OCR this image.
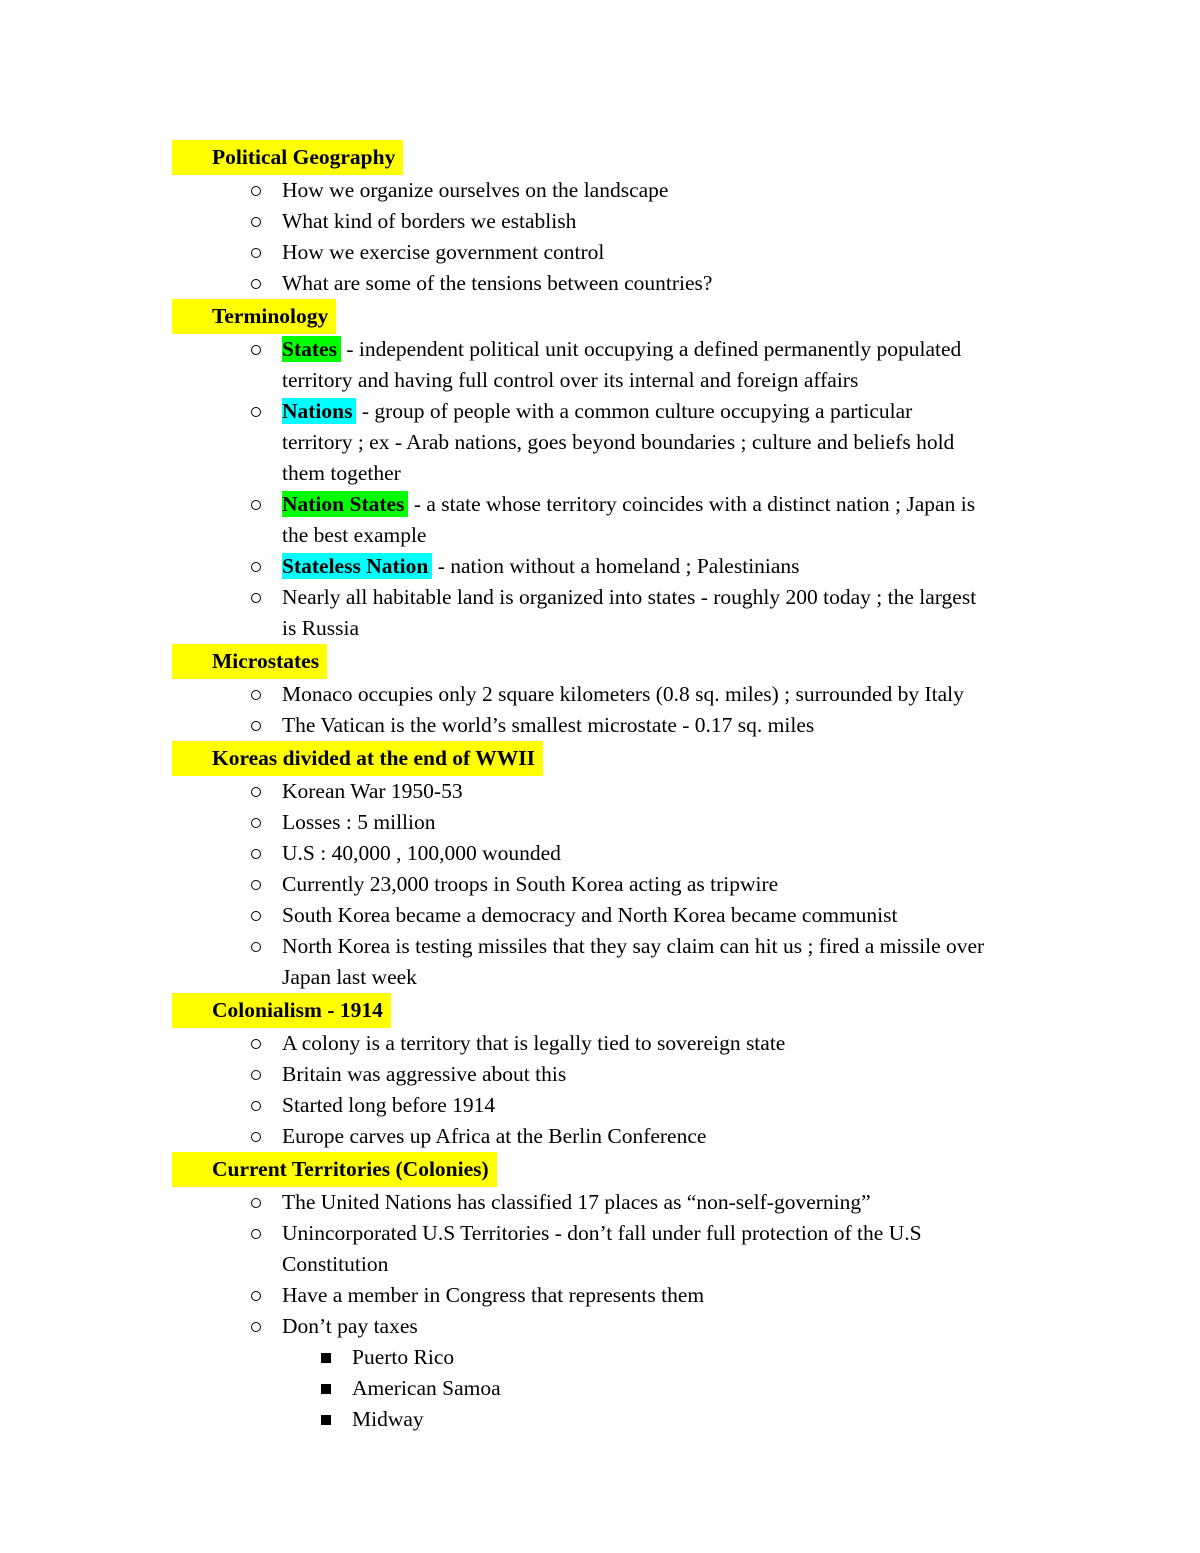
Political Geography
How we organize ourselves on the landscape
What kind of borders we establish
How we exercise government control
What are some of the tensions between countries?
Terminology
States - independent political unit occupying a defined permanently populated
territory and having full control over its internal and foreign affairs
Nations - group of people with a common culture occupying a particular
territory ; ex - Arab nations, goes beyond boundaries ; culture and beliefs hold
them together
Nation States - a state whose territory coincides with a distinct nation ; Japan is
the best example
Stateless Nation - nation without a homeland ; Palestinians
Nearly all habitable land is organized into states - roughly 200 today ; the largest
is Russia
Microstates
Monaco occupies only 2 square kilometers (0.8 sq. miles) ; surrounded by Italy
The Vatican is the world’s smallest microstate - 0.17 sq. miles
Koreas divided at the end of WWII
Korean War 1950-53
Losses : 5 million
U.S : 40,000 , 100,000 wounded
Currently 23,000 troops in South Korea acting as tripwire
South Korea became a democracy and North Korea became communist
North Korea is testing missiles that they say claim can hit us ; fired a missile over
Japan last week
Colonialism - 1914
A colony is a territory that is legally tied to sovereign state
Britain was aggressive about this
Started long before 1914
Europe carves up Africa at the Berlin Conference
Current Territories (Colonies)
The United Nations has classified 17 places as “non-self-governing”
Unincorporated U.S Territories - don’t fall under full protection of the U.S
Constitution
Have a member in Congress that represents them
Don’t pay taxes
Puerto Rico
American Samoa
Midway
